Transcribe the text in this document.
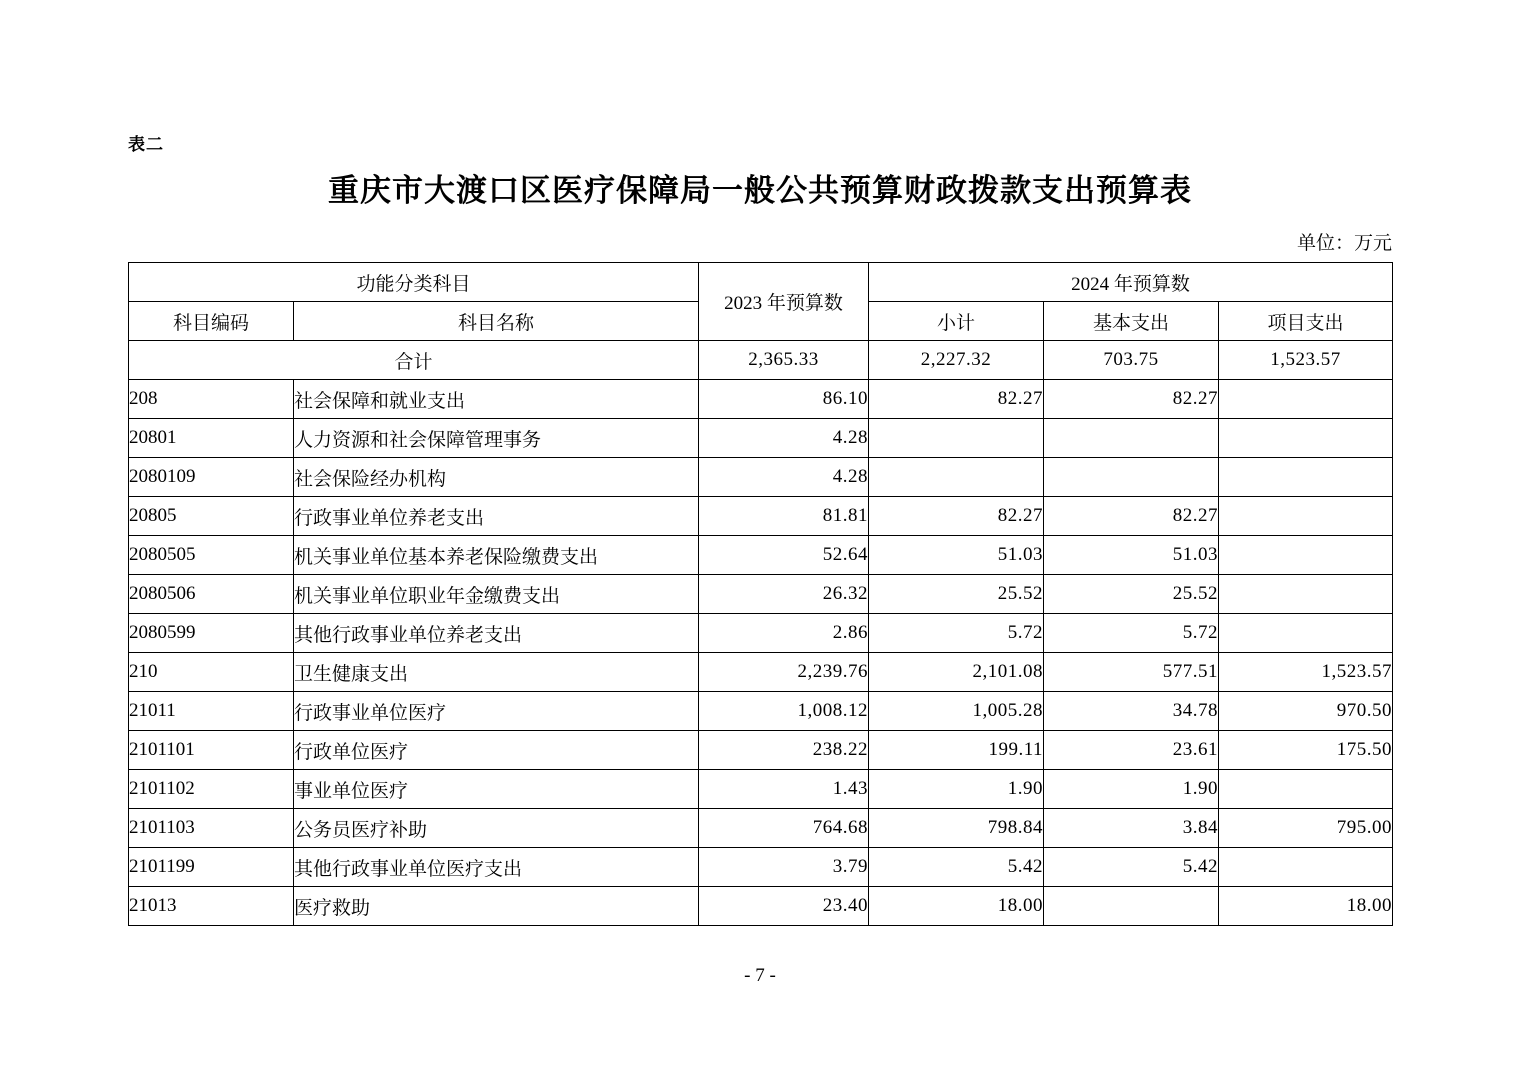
表二
重庆市大渡口区医疗保障局一般公共预算财政拨款支出预算表
单位：万元
功能分类科目		2023 年预算数	2024 年预算数		
科目编码	科目名称		小计	基本支出	项目支出
合计		2,365.33	2,227.32	703.75	1,523.57
208	社会保障和就业支出	86.10	82.27	82.27	
20801	人力资源和社会保障管理事务	4.28			
2080109	社会保险经办机构	4.28			
20805	行政事业单位养老支出	81.81	82.27	82.27	
2080505	机关事业单位基本养老保险缴费支出	52.64	51.03	51.03	
2080506	机关事业单位职业年金缴费支出	26.32	25.52	25.52	
2080599	其他行政事业单位养老支出	2.86	5.72	5.72	
210	卫生健康支出	2,239.76	2,101.08	577.51	1,523.57
21011	行政事业单位医疗	1,008.12	1,005.28	34.78	970.50
2101101	行政单位医疗	238.22	199.11	23.61	175.50
2101102	事业单位医疗	1.43	1.90	1.90	
2101103	公务员医疗补助	764.68	798.84	3.84	795.00
2101199	其他行政事业单位医疗支出	3.79	5.42	5.42	
21013	医疗救助	23.40	18.00		18.00
- 7 -
